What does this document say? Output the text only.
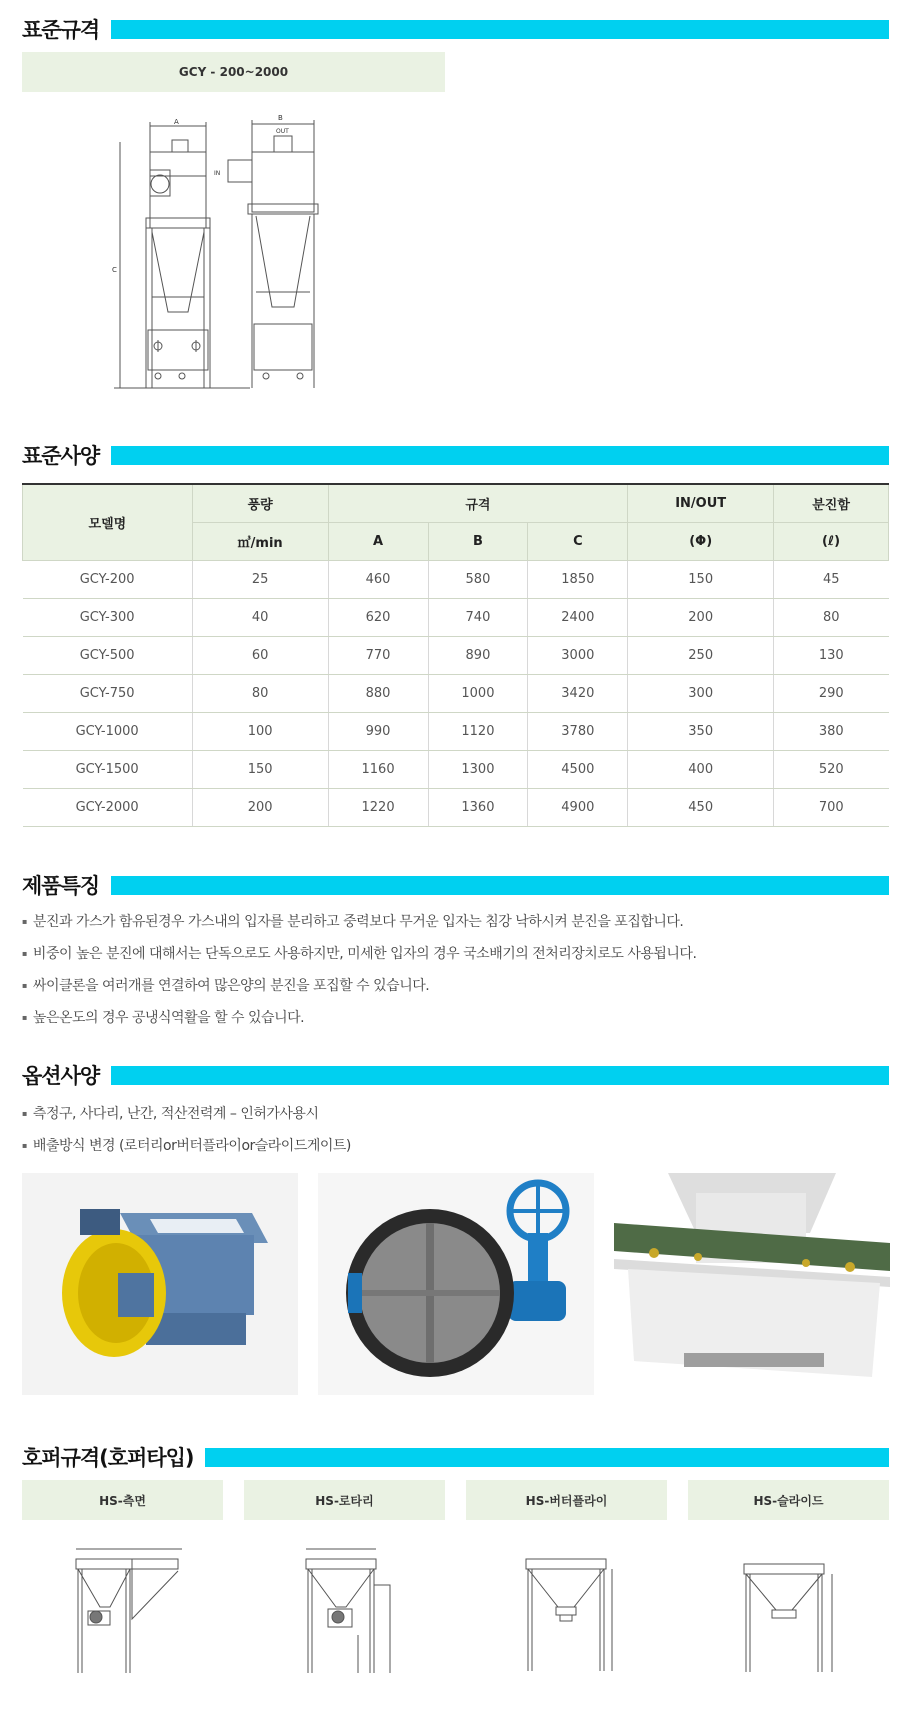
표준규격
GCY - 200~2000
A
C
B
OUT
IN
표준사양
모델명	풍량	규격			IN/OUT	분진함
	㎥/min	A	B	C	(Φ)	(ℓ)
GCY-200	25	460	580	1850	150	45
GCY-300	40	620	740	2400	200	80
GCY-500	60	770	890	3000	250	130
GCY-750	80	880	1000	3420	300	290
GCY-1000	100	990	1120	3780	350	380
GCY-1500	150	1160	1300	4500	400	520
GCY-2000	200	1220	1360	4900	450	700
제품특징
▪ 분진과 가스가 함유된경우 가스내의 입자를 분리하고 중력보다 무거운 입자는 침강 낙하시켜 분진을 포집합니다.
▪ 비중이 높은 분진에 대해서는 단독으로도 사용하지만, 미세한 입자의 경우 국소배기의 전처리장치로도 사용됩니다.
▪ 싸이클론을 여러개를 연결하여 많은양의 분진을 포집할 수 있습니다.
▪ 높은온도의 경우 공냉식역활을 할 수 있습니다.
옵션사양
▪ 측정구, 사다리, 난간, 적산전력계 – 인허가사용시
▪ 배출방식 변경 (로터리or버터플라이or슬라이드게이트)
호퍼규격(호퍼타입)
HS-측면	HS-로타리	HS-버터플라이	HS-슬라이드
